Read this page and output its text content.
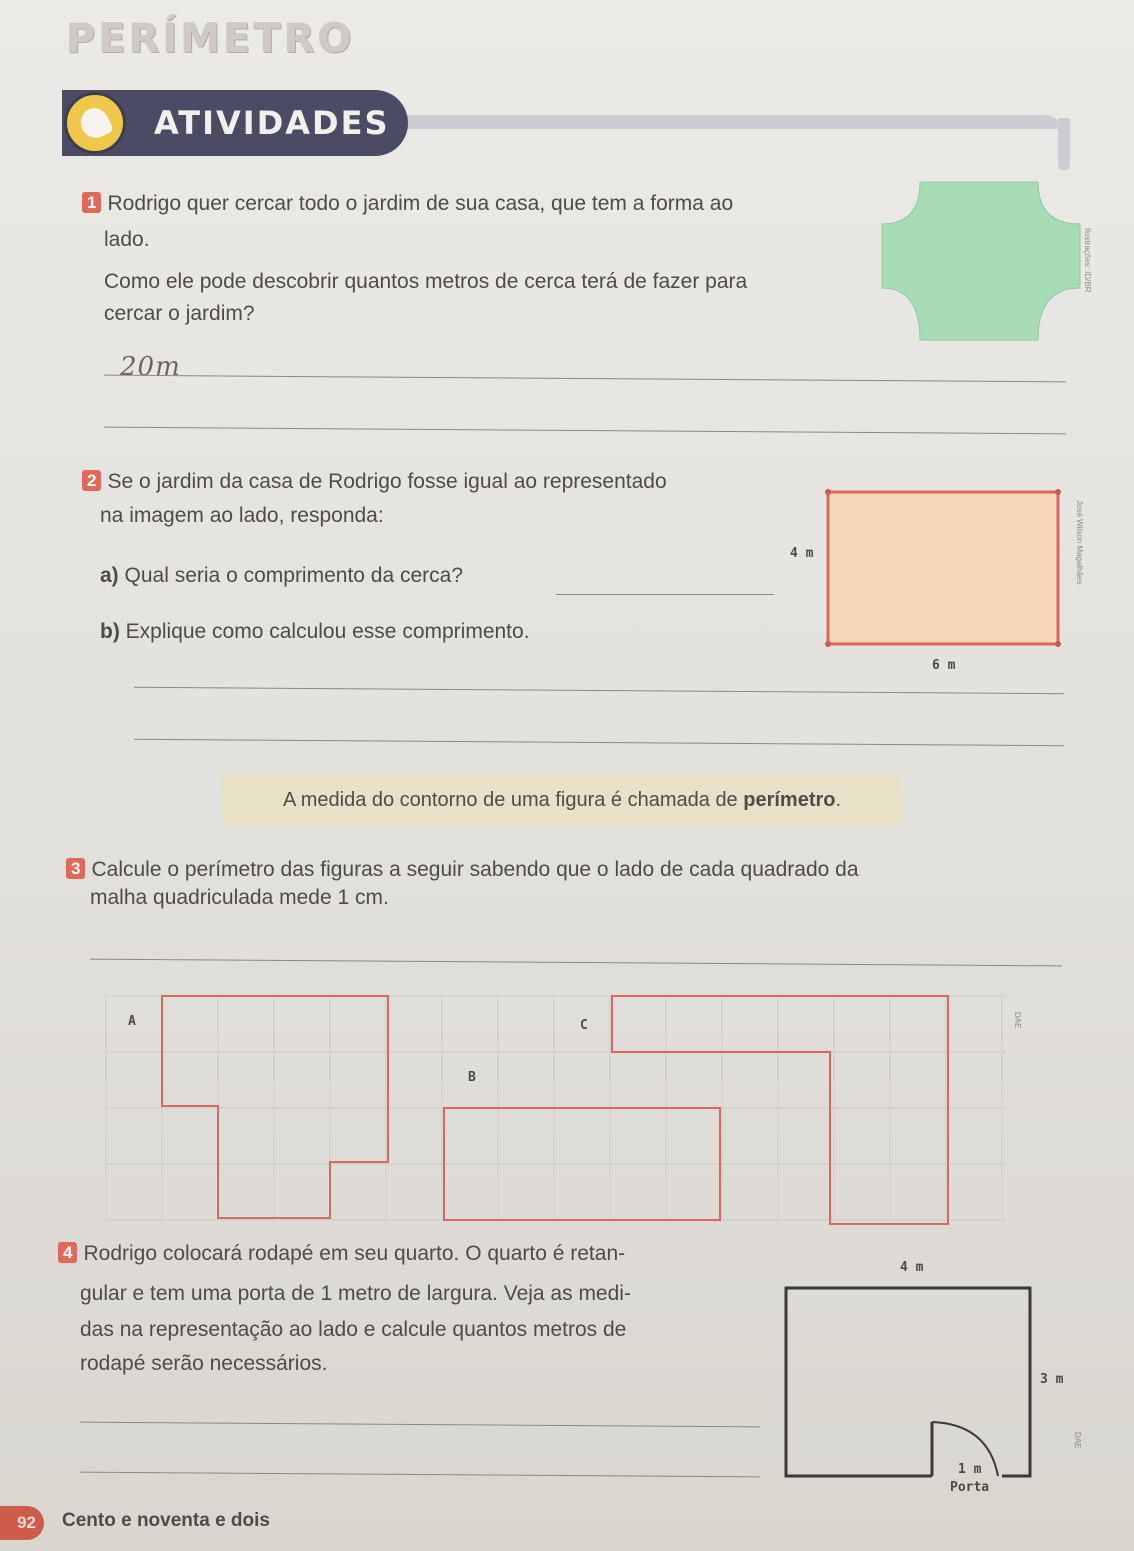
PERÍMETRO
ATIVIDADES
1 Rodrigo quer cercar todo o jardim de sua casa, que tem a forma ao
lado.
Como ele pode descobrir quantos metros de cerca terá de fazer para
cercar o jardim?
20m
Ilustrações: ID/BR
2 Se o jardim da casa de Rodrigo fosse igual ao representado
na imagem ao lado, responda:
a) Qual seria o comprimento da cerca?
b) Explique como calculou esse comprimento.
4 m
6 m
José Wilson Magalhães
A medida do contorno de uma figura é chamada de perímetro.
3 Calcule o perímetro das figuras a seguir sabendo que o lado de cada quadrado da
malha quadriculada mede 1 cm.
A
B
C	DAE
4 Rodrigo colocará rodapé em seu quarto. O quarto é retan-
gular e tem uma porta de 1 metro de largura. Veja as medi-
das na representação ao lado e calcule quantos metros de
rodapé serão necessários.
4 m
3 m
1 m
Porta
DAE
92	Cento e noventa e dois
